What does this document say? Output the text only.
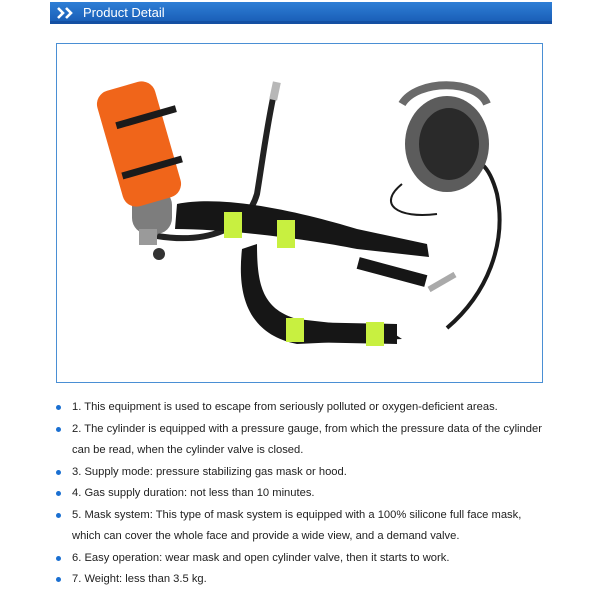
Product Detail
1. This equipment is used to escape from seriously polluted or oxygen-deficient areas.
2. The cylinder is equipped with a pressure gauge, from which the pressure data of the cylinder can be read, when the cylinder valve is closed.
3. Supply mode: pressure stabilizing gas mask or hood.
4. Gas supply duration: not less than 10 minutes.
5. Mask system: This type of mask system is equipped with a 100% silicone full face mask, which can cover the whole face and provide a wide view, and a demand valve.
6. Easy operation: wear mask and open cylinder valve, then it starts to work.
7. Weight: less than 3.5 kg.
